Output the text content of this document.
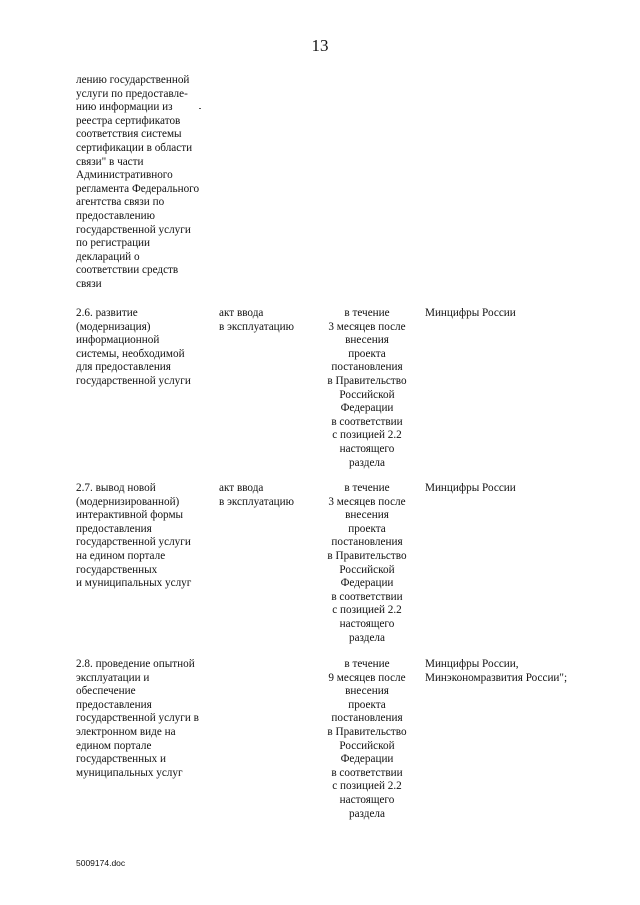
13
лению государственной
услуги по предоставле-
нию информации из
реестра сертификатов
соответствия системы
сертификации в области
связи" в части
Административного
регламента Федерального
агентства связи по
предоставлению
государственной услуги
по регистрации
деклараций о
соответствии средств
связи
2.6. развитие
(модернизация)
информационной
системы, необходимой
для предоставления
государственной услуги
акт ввода
в эксплуатацию
в течение
3 месяцев после
внесения
проекта
постановления
в Правительство
Российской
Федерации
в соответствии
с позицией 2.2
настоящего
раздела
Минцифры России
2.7. вывод новой
(модернизированной)
интерактивной формы
предоставления
государственной услуги
на едином портале
государственных
и муниципальных услуг
акт ввода
в эксплуатацию
в течение
3 месяцев после
внесения
проекта
постановления
в Правительство
Российской
Федерации
в соответствии
с позицией 2.2
настоящего
раздела
Минцифры России
2.8. проведение опытной
эксплуатации и
обеспечение
предоставления
государственной услуги в
электронном виде на
едином портале
государственных и
муниципальных услуг
в течение
9 месяцев после
внесения
проекта
постановления
в Правительство
Российской
Федерации
в соответствии
с позицией 2.2
настоящего
раздела
Минцифры России,
Минэкономразвития России";
5009174.doc
